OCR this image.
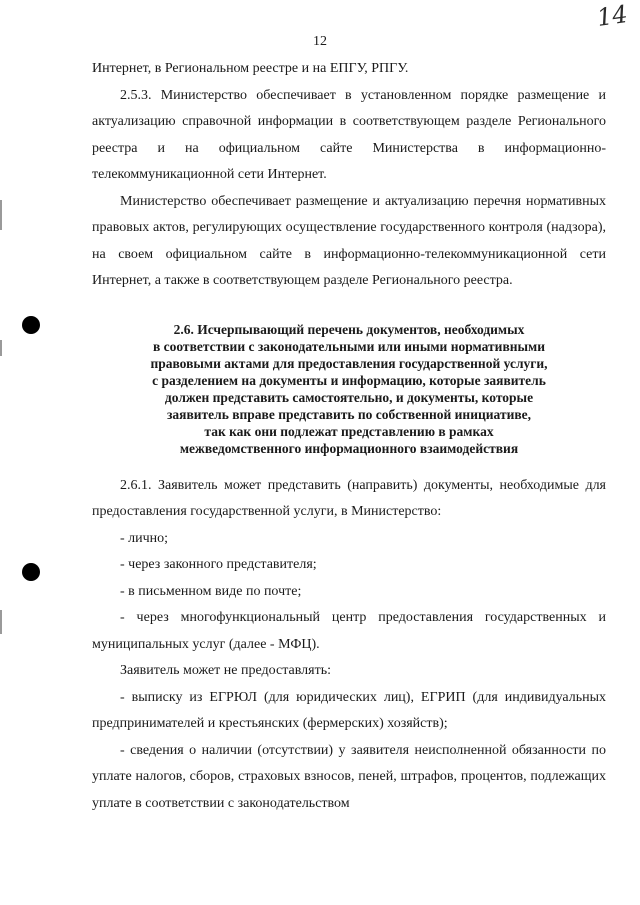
14
12

Интернет, в Региональном реестре и на ЕПГУ, РПГУ.

2.5.3. Министерство обеспечивает в установленном порядке размещение и актуализацию справочной информации в соответствующем разделе Регионального реестра и на официальном сайте Министерства в информационно-телекоммуникационной сети Интернет.

Министерство обеспечивает размещение и актуализацию перечня нормативных правовых актов, регулирующих осуществление государственного контроля (надзора), на своем официальном сайте в информационно-телекоммуникационной сети Интернет, а также в соответствующем разделе Регионального реестра.

2.6. Исчерпывающий перечень документов, необходимых
в соответствии с законодательными или иными нормативными
правовыми актами для предоставления государственной услуги,
с разделением на документы и информацию, которые заявитель
должен представить самостоятельно, и документы, которые
заявитель вправе представить по собственной инициативе,
так как они подлежат представлению в рамках
межведомственного информационного взаимодействия

2.6.1. Заявитель может представить (направить) документы, необходимые для предоставления государственной услуги, в Министерство:

- лично;

- через законного представителя;

- в письменном виде по почте;

- через многофункциональный центр предоставления государственных и муниципальных услуг (далее - МФЦ).

Заявитель может не предоставлять:

- выписку из ЕГРЮЛ (для юридических лиц), ЕГРИП (для индивидуальных предпринимателей и крестьянских (фермерских) хозяйств);

- сведения о наличии (отсутствии) у заявителя неисполненной обязанности по уплате налогов, сборов, страховых взносов, пеней, штрафов, процентов, подлежащих уплате в соответствии с законодательством
